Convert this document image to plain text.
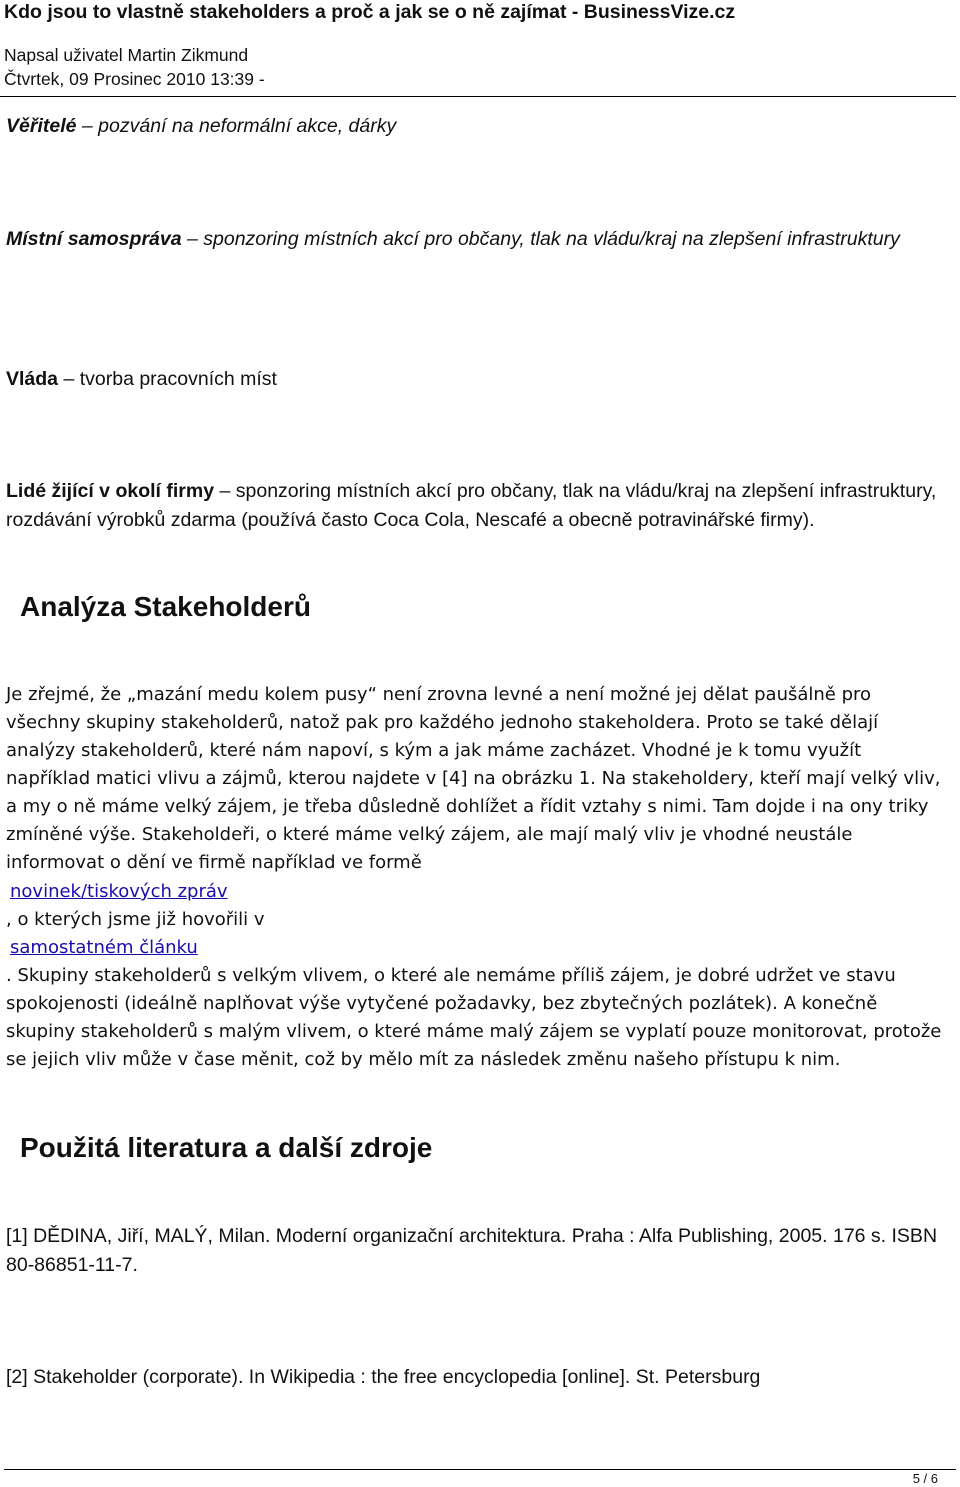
Kdo jsou to vlastně stakeholders a proč a jak se o ně zajímat - BusinessVize.cz
Napsal uživatel Martin Zikmund
Čtvrtek, 09 Prosinec 2010 13:39 -
Věřitelé – pozvání na neformální akce, dárky
Místní samospráva – sponzoring místních akcí pro občany, tlak na vládu/kraj na zlepšení infrastruktury
Vláda – tvorba pracovních míst
Lidé žijící v okolí firmy – sponzoring místních akcí pro občany, tlak na vládu/kraj na zlepšení infrastruktury, rozdávání výrobků zdarma (používá často Coca Cola, Nescafé a obecně potravinářské firmy).
Analýza Stakeholderů
Je zřejmé, že „mazání medu kolem pusy“ není zrovna levné a není možné jej dělat paušálně pro všechny skupiny stakeholderů, natož pak pro každého jednoho stakeholdera. Proto se také dělají analýzy stakeholderů, které nám napoví, s kým a jak máme zacházet. Vhodné je k tomu využít například matici vlivu a zájmů, kterou najdete v [4] na obrázku 1. Na stakeholdery, kteří mají velký vliv, a my o ně máme velký zájem, je třeba důsledně dohlížet a řídit vztahy s nimi. Tam dojde i na ony triky zmíněné výše. Stakeholdeři, o které máme velký zájem, ale mají malý vliv je vhodné neustále informovat o dění ve firmě například ve formě
novinek/tiskových zpráv
, o kterých jsme již hovořili v
samostatném článku
. Skupiny stakeholderů s velkým vlivem, o které ale nemáme příliš zájem, je dobré udržet ve stavu spokojenosti (ideálně naplňovat výše vytyčené požadavky, bez zbytečných pozlátek). A konečně skupiny stakeholderů s malým vlivem, o které máme malý zájem se vyplatí pouze monitorovat, protože se jejich vliv může v čase měnit, což by mělo mít za následek změnu našeho přístupu k nim.
Použitá literatura a další zdroje
[1] DĚDINA, Jiří, MALÝ, Milan. Moderní organizační architektura. Praha : Alfa Publishing, 2005. 176 s. ISBN 80-86851-11-7.
[2] Stakeholder (corporate). In Wikipedia : the free encyclopedia [online]. St. Petersburg
5 / 6
